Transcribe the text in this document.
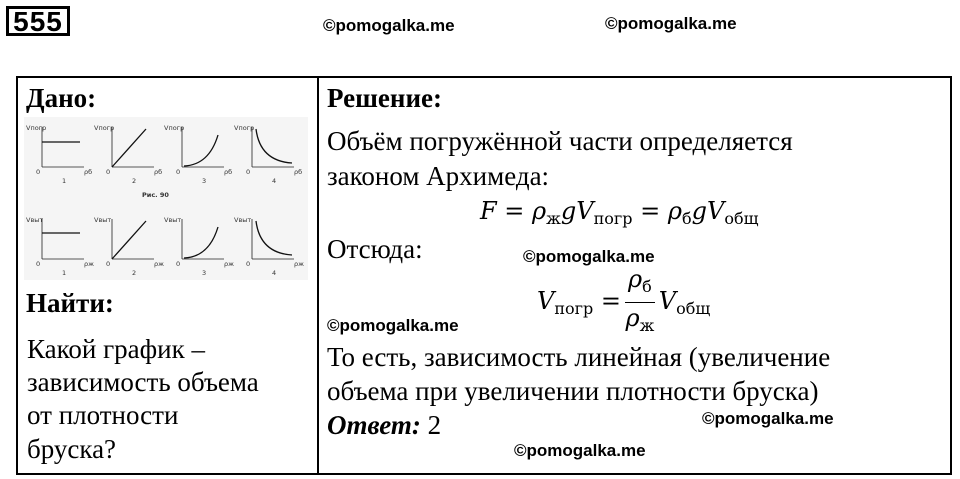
555	©pomogalka.me	©pomogalka.me
Дано:
Vпогр
ρб
0
1
Vпогр
ρб
0
2
Vпогр
ρб
0
3
Vпогр
ρб
0
4
Рис. 90
Vвыт
ρж
0
1
Vвыт
ρж
0
2
Vвыт
ρж
0
3
Vвыт
ρж
0
4
Найти:
Какой график –
зависимость объема
от плотности
бруска?
Решение:
Объём погружённой части определяется
законом Архимеда:
$F = \rho_жgV_{погр} = \rho_бgV_{общ}$
Отсюда:	©pomogalka.me
$V_{погр} = \frac{\rho_б}{\rho_ж} V_{общ}$
©pomogalka.me
То есть, зависимость линейная (увеличение
объема при увеличении плотности бруска)
©pomogalka.me
Ответ: 2
©pomogalka.me
